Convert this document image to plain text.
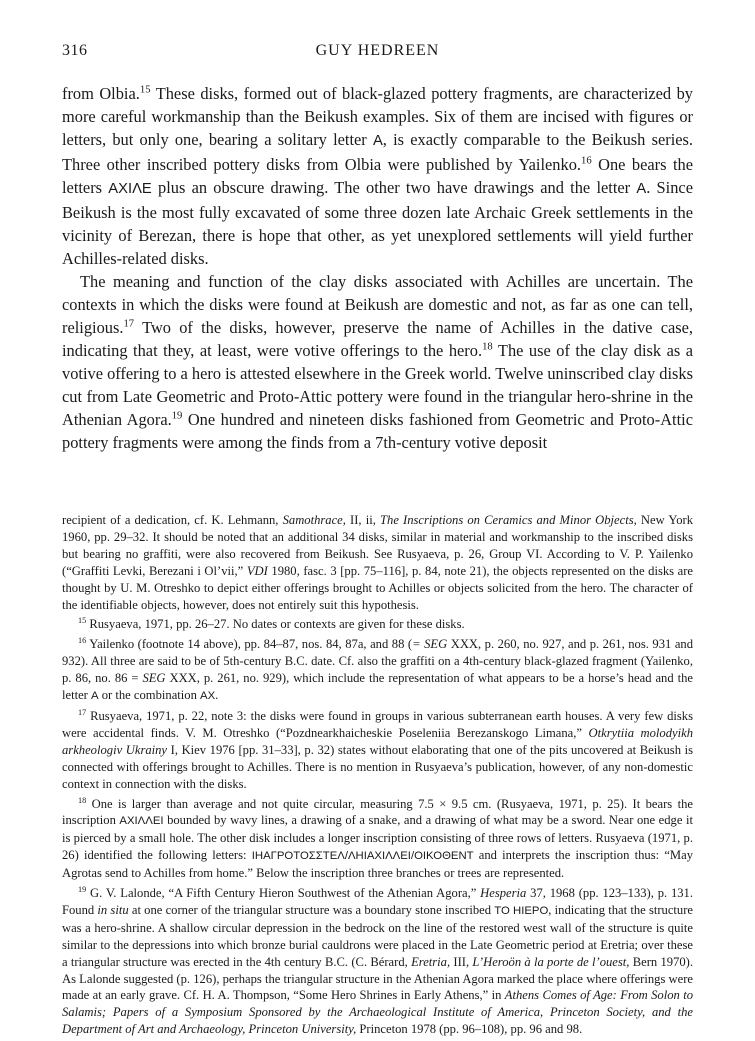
316	GUY HEDREEN

from Olbia.$^{15}$ These disks, formed out of black-glazed pottery fragments, are characterized by more careful workmanship than the Beikush examples. Six of them are incised with figures or letters, but only one, bearing a solitary letter A, is exactly comparable to the Beikush series. Three other inscribed pottery disks from Olbia were published by Yailenko.$^{16}$ One bears the letters ΑΧΙΛΕ plus an obscure drawing. The other two have drawings and the letter A. Since Beikush is the most fully excavated of some three dozen late Archaic Greek settlements in the vicinity of Berezan, there is hope that other, as yet unexplored settlements will yield further Achilles-related disks.

The meaning and function of the clay disks associated with Achilles are uncertain. The contexts in which the disks were found at Beikush are domestic and not, as far as one can tell, religious.$^{17}$ Two of the disks, however, preserve the name of Achilles in the dative case, indicating that they, at least, were votive offerings to the hero.$^{18}$ The use of the clay disk as a votive offering to a hero is attested elsewhere in the Greek world. Twelve uninscribed clay disks cut from Late Geometric and Proto-Attic pottery were found in the triangular hero-shrine in the Athenian Agora.$^{19}$ One hundred and nineteen disks fashioned from Geometric and Proto-Attic pottery fragments were among the finds from a 7th-century votive deposit

recipient of a dedication, cf. K. Lehmann, Samothrace, II, ii, The Inscriptions on Ceramics and Minor Objects, New York 1960, pp. 29–32. It should be noted that an additional 34 disks, similar in material and workmanship to the inscribed disks but bearing no graffiti, were also recovered from Beikush. See Rusyaeva, p. 26, Group VI. According to V. P. Yailenko (“Graffiti Levki, Berezani i Ol’vii,” VDI 1980, fasc. 3 [pp. 75–116], p. 84, note 21), the objects represented on the disks are thought by U. M. Otreshko to depict either offerings brought to Achilles or objects solicited from the hero. The character of the identifiable objects, however, does not entirely suit this hypothesis.

$^{15}$ Rusyaeva, 1971, pp. 26–27. No dates or contexts are given for these disks.

$^{16}$ Yailenko (footnote 14 above), pp. 84–87, nos. 84, 87a, and 88 (= SEG XXX, p. 260, no. 927, and p. 261, nos. 931 and 932). All three are said to be of 5th-century B.C. date. Cf. also the graffiti on a 4th-century black-glazed fragment (Yailenko, p. 86, no. 86 = SEG XXX, p. 261, no. 929), which include the representation of what appears to be a horse’s head and the letter A or the combination AX.

$^{17}$ Rusyaeva, 1971, p. 22, note 3: the disks were found in groups in various subterranean earth houses. A very few disks were accidental finds. V. M. Otreshko (“Pozdnearkhaicheskie Poseleniia Berezanskogo Limana,” Otkrytiia molodyikh arkheologiv Ukrainy I, Kiev 1976 [pp. 31–33], p. 32) states without elaborating that one of the pits uncovered at Beikush is connected with offerings brought to Achilles. There is no mention in Rusyaeva’s publication, however, of any non-domestic context in connection with the disks.

$^{18}$ One is larger than average and not quite circular, measuring 7.5 × 9.5 cm. (Rusyaeva, 1971, p. 25). It bears the inscription ΑΧΙΛΛΕΙ bounded by wavy lines, a drawing of a snake, and a drawing of what may be a sword. Near one edge it is pierced by a small hole. The other disk includes a longer inscription consisting of three rows of letters. Rusyaeva (1971, p. 26) identified the following letters: ΙΗΑΓΡΟΤΟΣΣΤΕΛ/ΛΗΙΑΧΙΛΛΕΙ/ΟΙΚΟΘΕΝΤ and interprets the inscription thus: “May Agrotas send to Achilles from home.” Below the inscription three branches or trees are represented.

$^{19}$ G. V. Lalonde, “A Fifth Century Hieron Southwest of the Athenian Agora,” Hesperia 37, 1968 (pp. 123–133), p. 131. Found in situ at one corner of the triangular structure was a boundary stone inscribed ΤΟ ΗΙΕΡΟ, indicating that the structure was a hero-shrine. A shallow circular depression in the bedrock on the line of the restored west wall of the structure is quite similar to the depressions into which bronze burial cauldrons were placed in the Late Geometric period at Eretria; over these a triangular structure was erected in the 4th century B.C. (C. Bérard, Eretria, III, L’Heroön à la porte de l’ouest, Bern 1970). As Lalonde suggested (p. 126), perhaps the triangular structure in the Athenian Agora marked the place where offerings were made at an early grave. Cf. H. A. Thompson, “Some Hero Shrines in Early Athens,” in Athens Comes of Age: From Solon to Salamis; Papers of a Symposium Sponsored by the Archaeological Institute of America, Princeton Society, and the Department of Art and Archaeology, Princeton University, Princeton 1978 (pp. 96–108), pp. 96 and 98.
